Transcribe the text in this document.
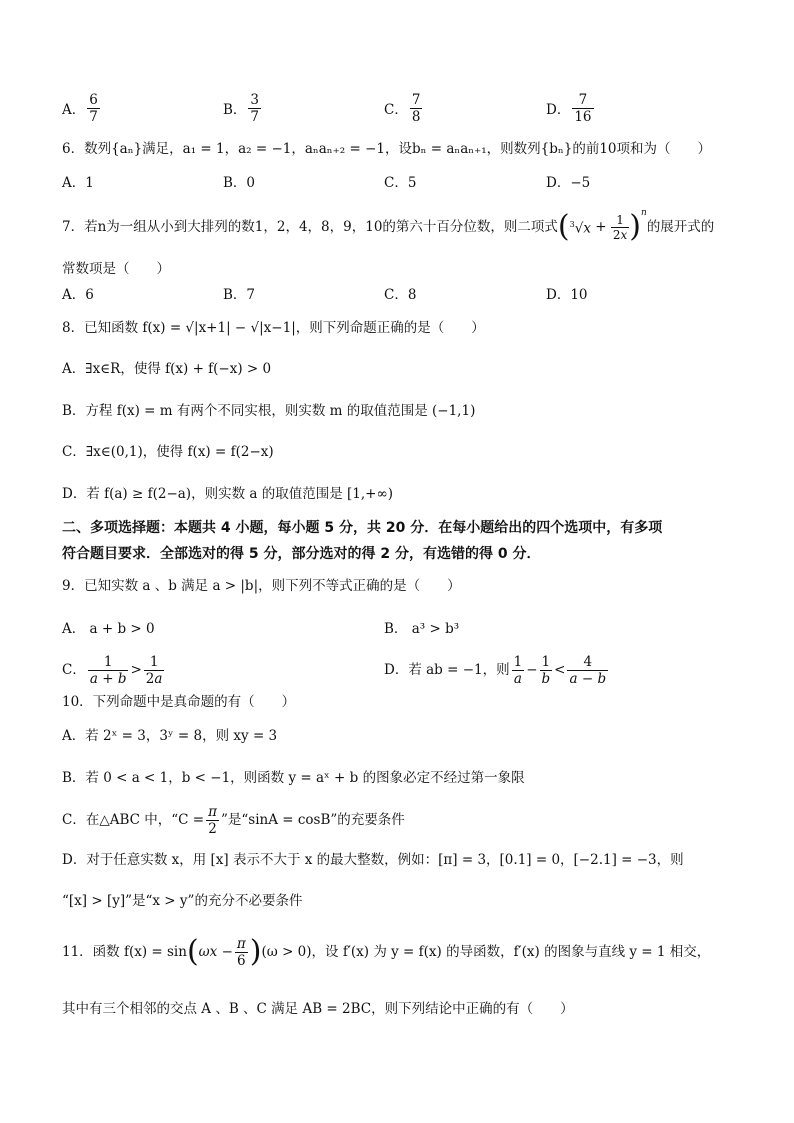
A． $\frac{6}{7}$	B． $\frac{3}{7}$	C． $\frac{7}{8}$	D． $\frac{7}{16}$
6．数列{aₙ}满足，a₁ = 1，a₂ = −1，aₙaₙ₊₂ = −1，设bₙ = aₙaₙ₊₁，则数列{bₙ}的前10项和为（　　）
A．1	B．0	C．5	D．−5
7．若n为一组从小到大排列的数1，2，4，8，9，10的第六十百分位数，则二项式 ( $^3√x + \frac{1}{2x}$ ) $^n$
的展开式的
常数项是（　　）
A．6	B．7	C．8	D．10
8．已知函数 f(x) = √|x+1| − √|x−1|，则下列命题正确的是（　　）
A．∃x∈R，使得 f(x) + f(−x) > 0
B．方程 f(x) = m 有两个不同实根，则实数 m 的取值范围是 (−1,1)
C．∃x∈(0,1)，使得 f(x) = f(2−x)
D．若 f(a) ≥ f(2−a)，则实数 a 的取值范围是 [1,+∞)
二、多项选择题：本题共 4 小题，每小题 5 分，共 20 分．在每小题给出的四个选项中，有多项
符合题目要求．全部选对的得 5 分，部分选对的得 2 分，有选错的得 0 分．
9．已知实数 a 、b 满足 a > |b|，则下列不等式正确的是（　　）
A． a + b > 0	B． a³ > b³
C． $\frac{1}{a + b} > \frac{1}{2a}$	D．若 ab = −1，则 $\frac{1}{a} - \frac{1}{b} < \frac{4}{a - b}$
10．下列命题中是真命题的有（　　）
A．若 2ˣ = 3，3ʸ = 8，则 xy = 3
B．若 0 < a < 1，b < −1，则函数 y = aˣ + b 的图象必定不经过第一象限
C．在△ABC 中，“$C = \frac{\pi}{2}$ ”是“sinA = cosB”的充要条件
D．对于任意实数 x，用 [x] 表示不大于 x 的最大整数，例如：[π] = 3，[0.1] = 0，[−2.1] = −3，则
“[x] > [y]”是“x > y”的充分不必要条件
11．函数 f(x) = sin ( $\omega x - \frac{\pi}{6}$ ) (ω > 0)，设 f′(x) 为 y = f(x) 的导函数，f′(x) 的图象与直线 y = 1 相交，
其中有三个相邻的交点 A 、B 、C 满足 AB = 2BC，则下列结论中正确的有（　　）
